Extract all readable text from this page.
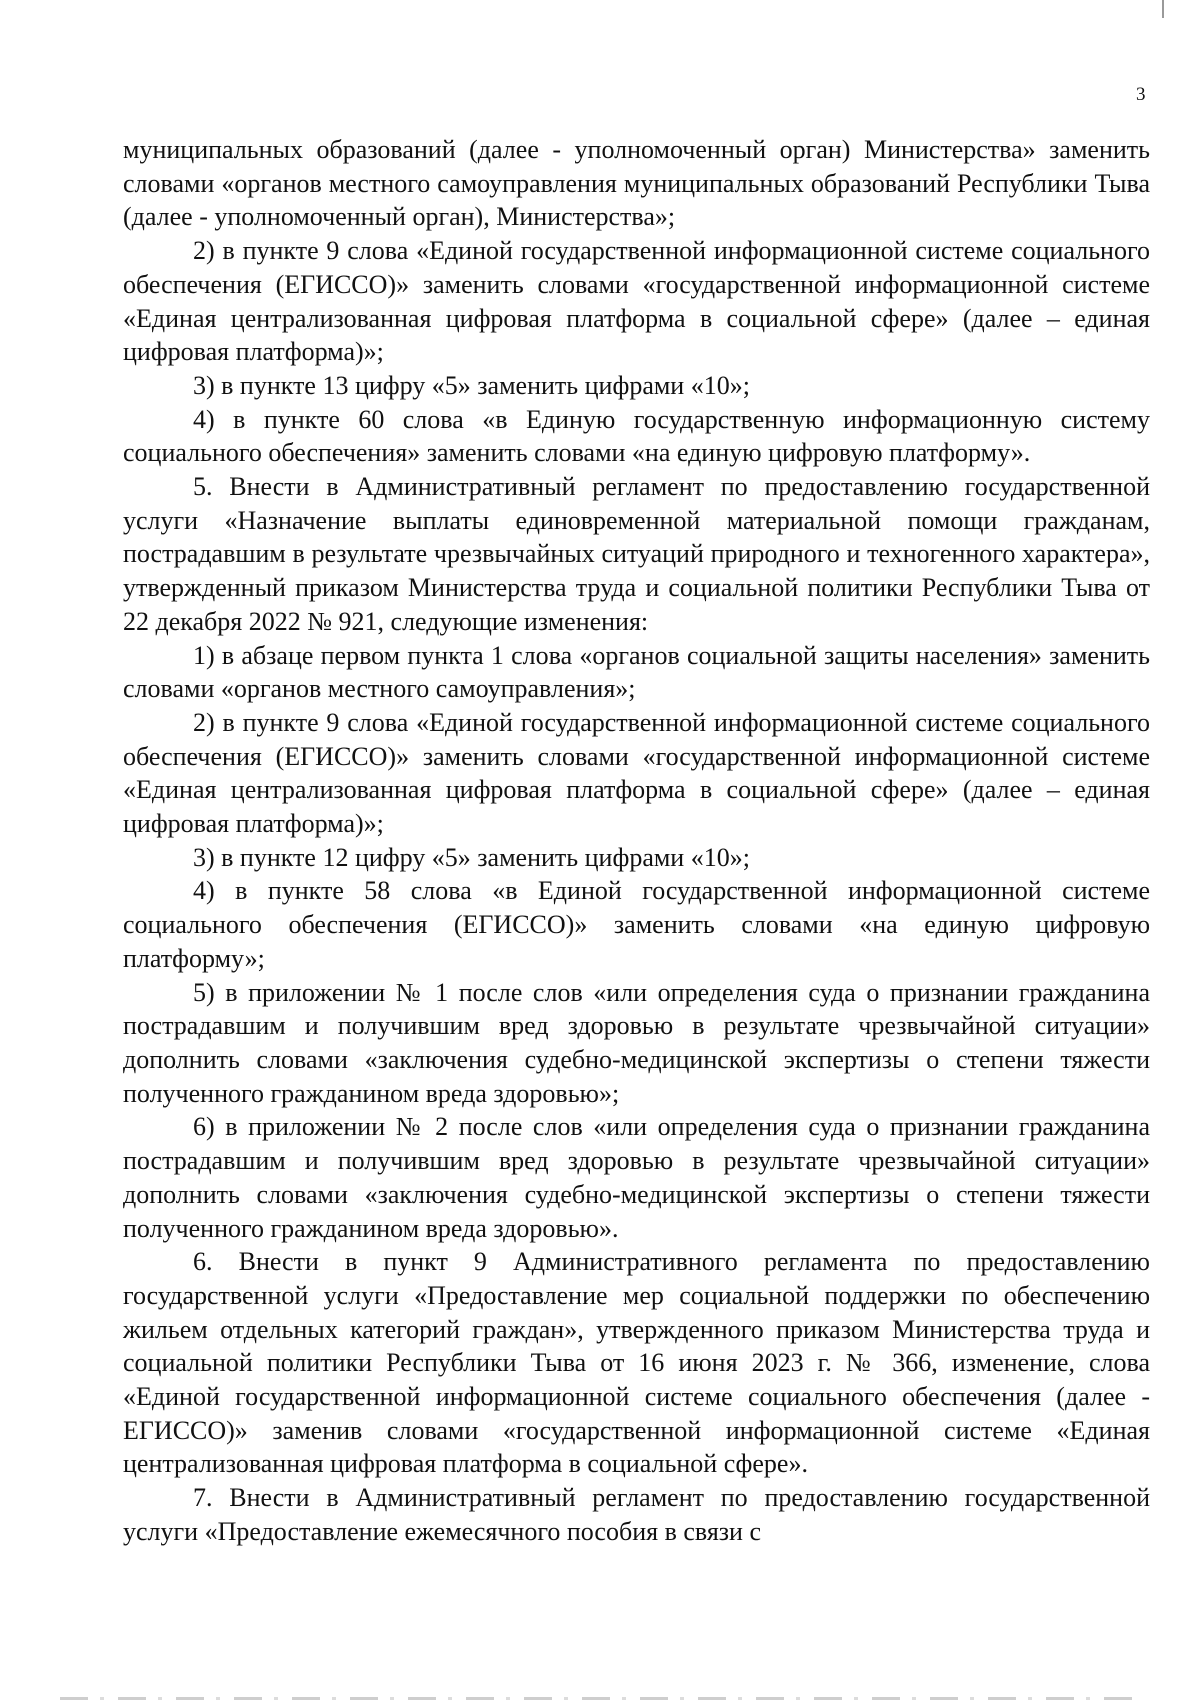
3

муниципальных образований (далее - уполномоченный орган) Министерства» заменить словами «органов местного самоуправления муниципальных образований Республики Тыва (далее - уполномоченный орган), Министерства»;

2) в пункте 9 слова «Единой государственной информационной системе социального обеспечения (ЕГИССО)» заменить словами «государственной информационной системе «Единая централизованная цифровая платформа в социальной сфере» (далее – единая цифровая платформа)»;

3) в пункте 13 цифру «5» заменить цифрами «10»;

4) в пункте 60 слова «в Единую государственную информационную систему социального обеспечения» заменить словами «на единую цифровую платформу».

5. Внести в Административный регламент по предоставлению государственной услуги «Назначение выплаты единовременной материальной помощи гражданам, пострадавшим в результате чрезвычайных ситуаций природного и техногенного характера», утвержденный приказом Министерства труда и социальной политики Республики Тыва от 22 декабря 2022 № 921, следующие изменения:

1) в абзаце первом пункта 1 слова «органов социальной защиты населения» заменить словами «органов местного самоуправления»;

2) в пункте 9 слова «Единой государственной информационной системе социального обеспечения (ЕГИССО)» заменить словами «государственной информационной системе «Единая централизованная цифровая платформа в социальной сфере» (далее – единая цифровая платформа)»;

3) в пункте 12 цифру «5» заменить цифрами «10»;

4) в пункте 58 слова «в Единой государственной информационной системе социального обеспечения (ЕГИССО)» заменить словами «на единую цифровую платформу»;

5) в приложении № 1 после слов «или определения суда о признании гражданина пострадавшим и получившим вред здоровью в результате чрезвычайной ситуации» дополнить словами «заключения судебно-медицинской экспертизы о степени тяжести полученного гражданином вреда здоровью»;

6) в приложении № 2 после слов «или определения суда о признании гражданина пострадавшим и получившим вред здоровью в результате чрезвычайной ситуации» дополнить словами «заключения судебно-медицинской экспертизы о степени тяжести полученного гражданином вреда здоровью».

6. Внести в пункт 9 Административного регламента по предоставлению государственной услуги «Предоставление мер социальной поддержки по обеспечению жильем отдельных категорий граждан», утвержденного приказом Министерства труда и социальной политики Республики Тыва от 16 июня 2023 г. № 366, изменение, слова «Единой государственной информационной системе социального обеспечения (далее - ЕГИССО)» заменив словами «государственной информационной системе «Единая централизованная цифровая платформа в социальной сфере».

7. Внести в Административный регламент по предоставлению государственной услуги «Предоставление ежемесячного пособия в связи с
